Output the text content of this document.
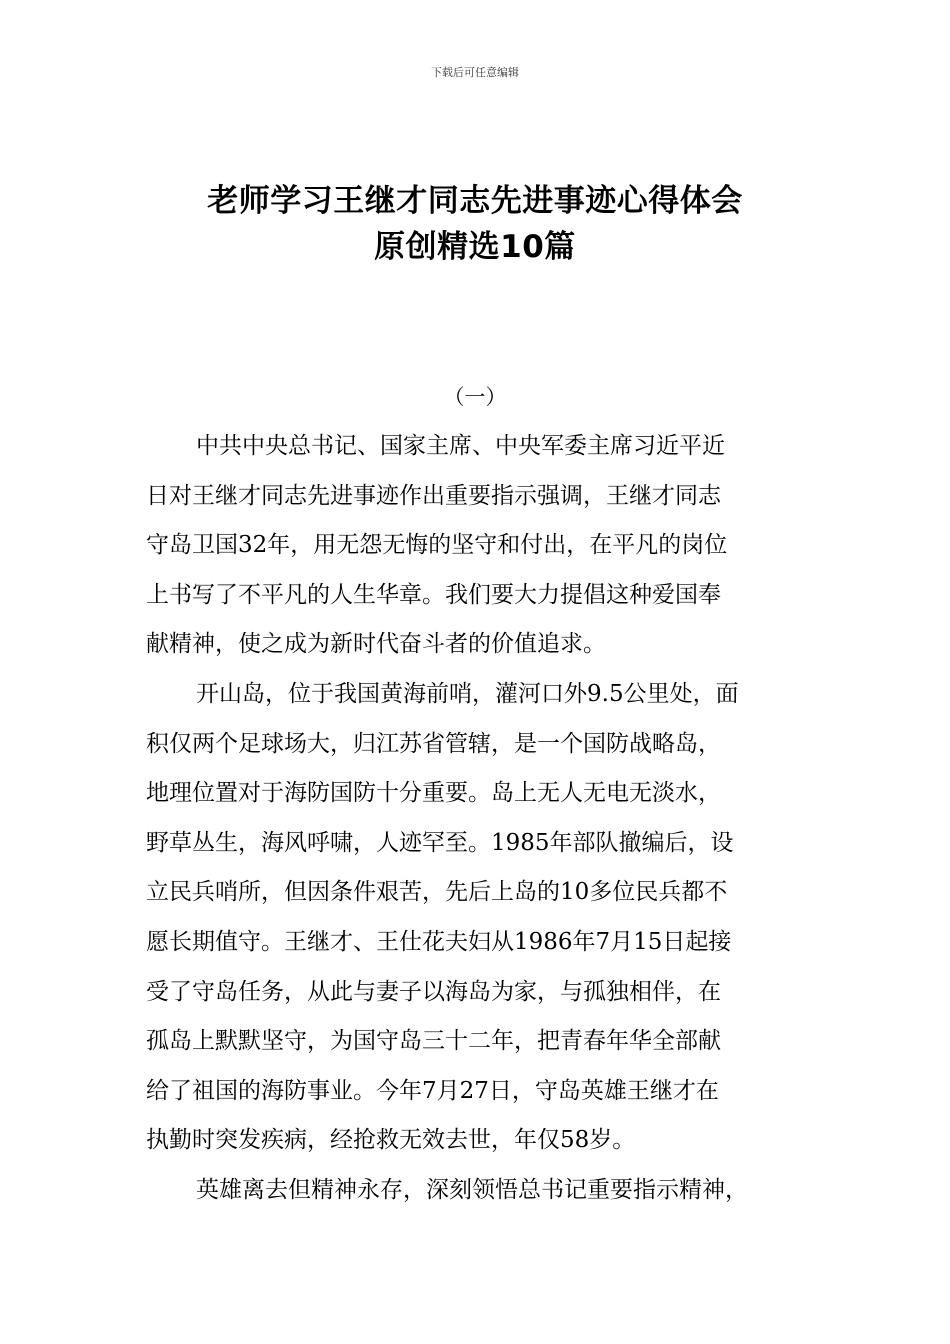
下载后可任意编辑
老师学习王继才同志先进事迹心得体会
原创精选10篇
（一）
中共中央总书记、国家主席、中央军委主席习近平近
日对王继才同志先进事迹作出重要指示强调，王继才同志
守岛卫国32年，用无怨无悔的坚守和付出，在平凡的岗位
上书写了不平凡的人生华章。我们要大力提倡这种爱国奉
献精神，使之成为新时代奋斗者的价值追求。
开山岛，位于我国黄海前哨，灌河口外9.5公里处，面
积仅两个足球场大，归江苏省管辖，是一个国防战略岛，
地理位置对于海防国防十分重要。岛上无人无电无淡水，
野草丛生，海风呼啸，人迹罕至。1985年部队撤编后，设
立民兵哨所，但因条件艰苦，先后上岛的10多位民兵都不
愿长期值守。王继才、王仕花夫妇从1986年7月15日起接
受了守岛任务，从此与妻子以海岛为家，与孤独相伴，在
孤岛上默默坚守，为国守岛三十二年，把青春年华全部献
给了祖国的海防事业。今年7月27日，守岛英雄王继才在
执勤时突发疾病，经抢救无效去世，年仅58岁。
英雄离去但精神永存，深刻领悟总书记重要指示精神，
